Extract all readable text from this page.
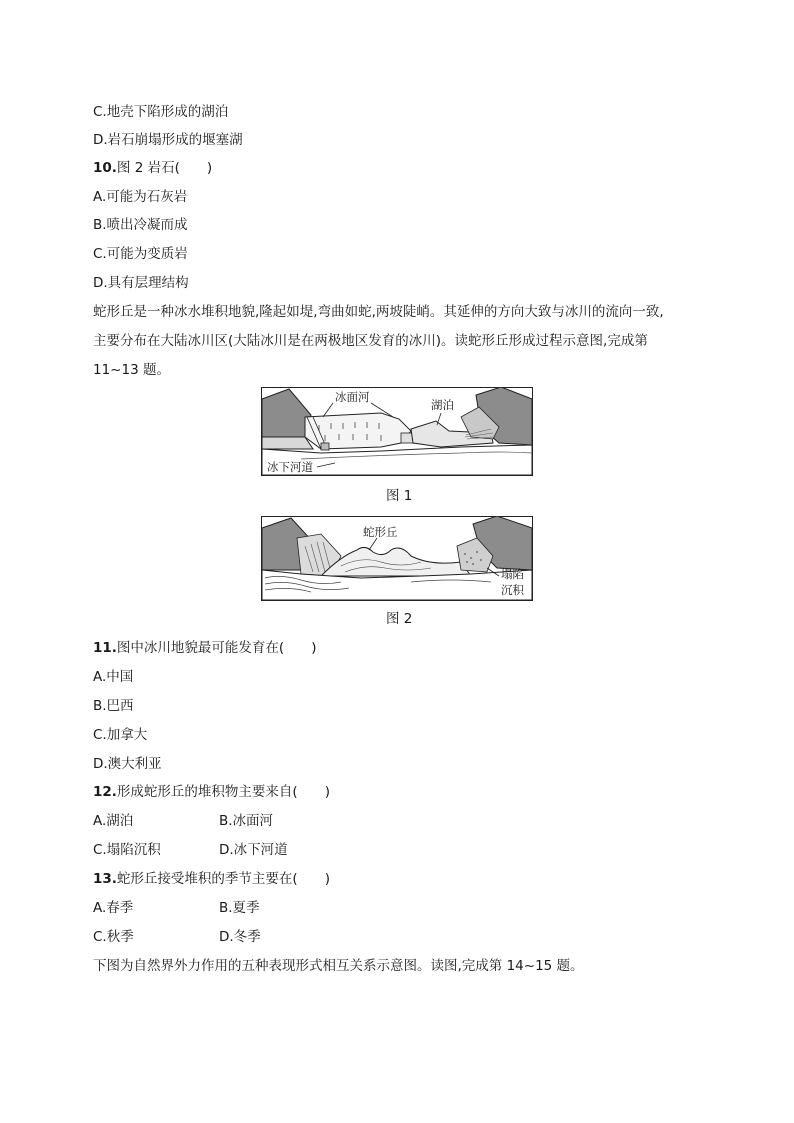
C.地壳下陷形成的湖泊
D.岩石崩塌形成的堰塞湖
10.图 2 岩石(　　)
A.可能为石灰岩
B.喷出冷凝而成
C.可能为变质岩
D.具有层理结构
蛇形丘是一种冰水堆积地貌,隆起如堤,弯曲如蛇,两坡陡峭。其延伸的方向大致与冰川的流向一致,
主要分布在大陆冰川区(大陆冰川是在两极地区发育的冰川)。读蛇形丘形成过程示意图,完成第
11~13 题。
冰面河
湖泊
冰下河道
图 1
蛇形丘
塌陷
沉积
图 2
11.图中冰川地貌最可能发育在(　　)
A.中国
B.巴西
C.加拿大
D.澳大利亚
12.形成蛇形丘的堆积物主要来自(　　)
A.湖泊	B.冰面河
C.塌陷沉积	D.冰下河道
13.蛇形丘接受堆积的季节主要在(　　)
A.春季	B.夏季
C.秋季	D.冬季
下图为自然界外力作用的五种表现形式相互关系示意图。读图,完成第 14~15 题。
